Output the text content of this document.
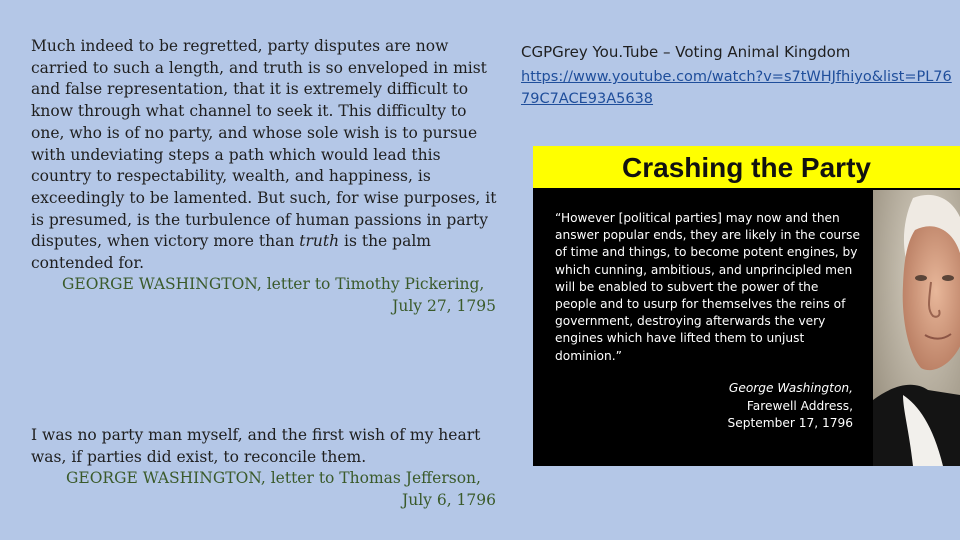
Much indeed to be regretted, party disputes are now carried to such a length, and truth is so enveloped in mist and false representation, that it is extremely difficult to know through what channel to seek it. This difficulty to one, who is of no party, and whose sole wish is to pursue with undeviating steps a path which would lead this country to respectability, wealth, and happiness, is exceedingly to be lamented. But such, for wise purposes, it is presumed, is the turbulence of human passions in party disputes, when victory more than truth is the palm contended for.

GEORGE WASHINGTON, letter to Timothy Pickering,
July 27, 1795

I was no party man myself, and the first wish of my heart was, if parties did exist, to reconcile them.

GEORGE WASHINGTON, letter to Thomas Jefferson,
July 6, 1796
CGPGrey You.Tube – Voting Animal Kingdom
https://www.youtube.com/watch?v=s7tWHJfhiyo&list=PL7679C7ACE93A5638
Crashing the Party
“However [political parties] may now and then answer popular ends, they are likely in the course of time and things, to become potent engines, by which cunning, ambitious, and unprincipled men will be enabled to subvert the power of the people and to usurp for themselves the reins of government, destroying afterwards the very engines which have lifted them to unjust dominion.”
George Washington,
Farewell Address,
September 17, 1796
